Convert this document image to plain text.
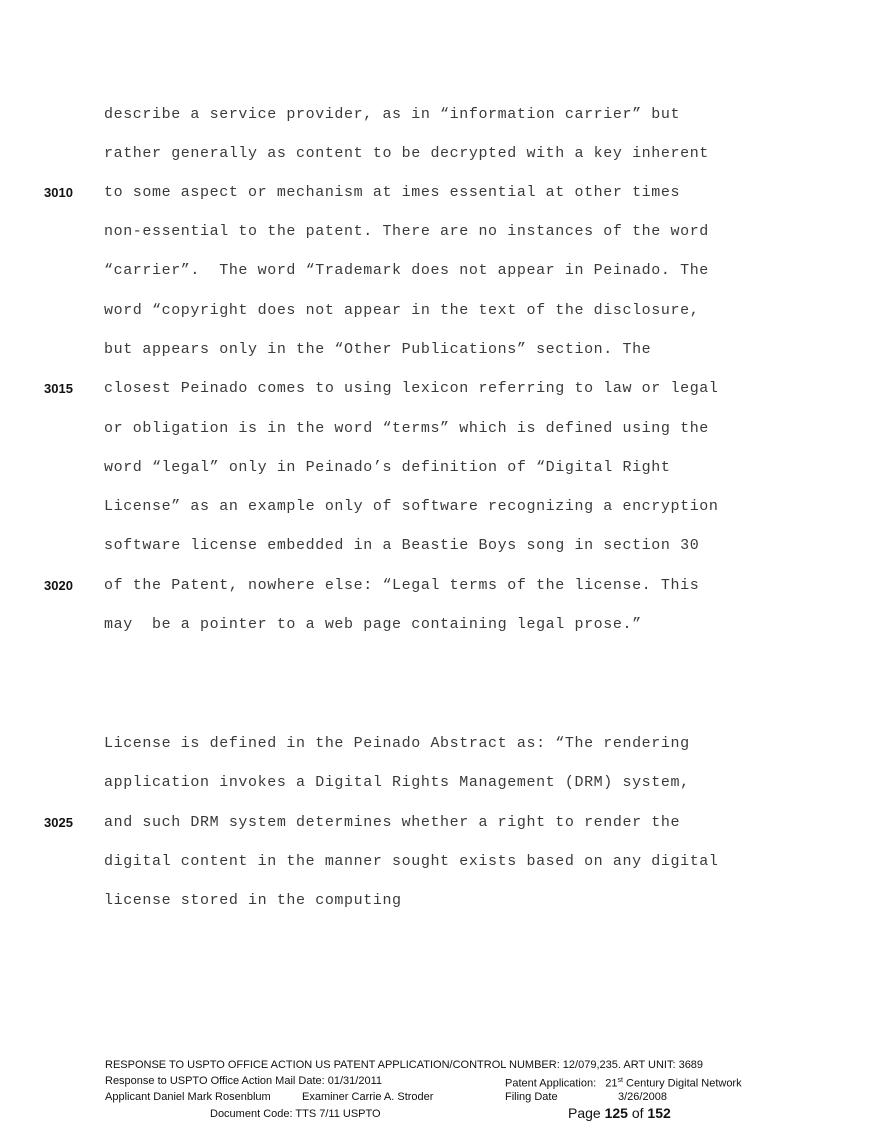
3010
3015
3020
3025
describe a service provider, as in “information carrier” but
rather generally as content to be decrypted with a key inherent
to some aspect or mechanism at imes essential at other times
non-essential to the patent. There are no instances of the word
“carrier”.  The word “Trademark does not appear in Peinado. The
word “copyright does not appear in the text of the disclosure,
but appears only in the “Other Publications” section. The
closest Peinado comes to using lexicon referring to law or legal
or obligation is in the word “terms” which is defined using the
word “legal” only in Peinado’s definition of “Digital Right
License” as an example only of software recognizing a encryption
software license embedded in a Beastie Boys song in section 30
of the Patent, nowhere else: “Legal terms of the license. This
may  be a pointer to a web page containing legal prose.”
License is defined in the Peinado Abstract as: “The rendering
application invokes a Digital Rights Management (DRM) system,
and such DRM system determines whether a right to render the
digital content in the manner sought exists based on any digital
license stored in the computing
RESPONSE TO USPTO OFFICE ACTION US PATENT APPLICATION/CONTROL NUMBER: 12/079,235. ART UNIT: 3689
Response to USPTO Office Action Mail Date: 01/31/2011	Patent Application: 21st Century Digital Network
Applicant Daniel Mark Rosenblum	Examiner Carrie A. Stroder	Filing Date	3/26/2008
Document Code: TTS 7/11 USPTO	Page 125 of 152
